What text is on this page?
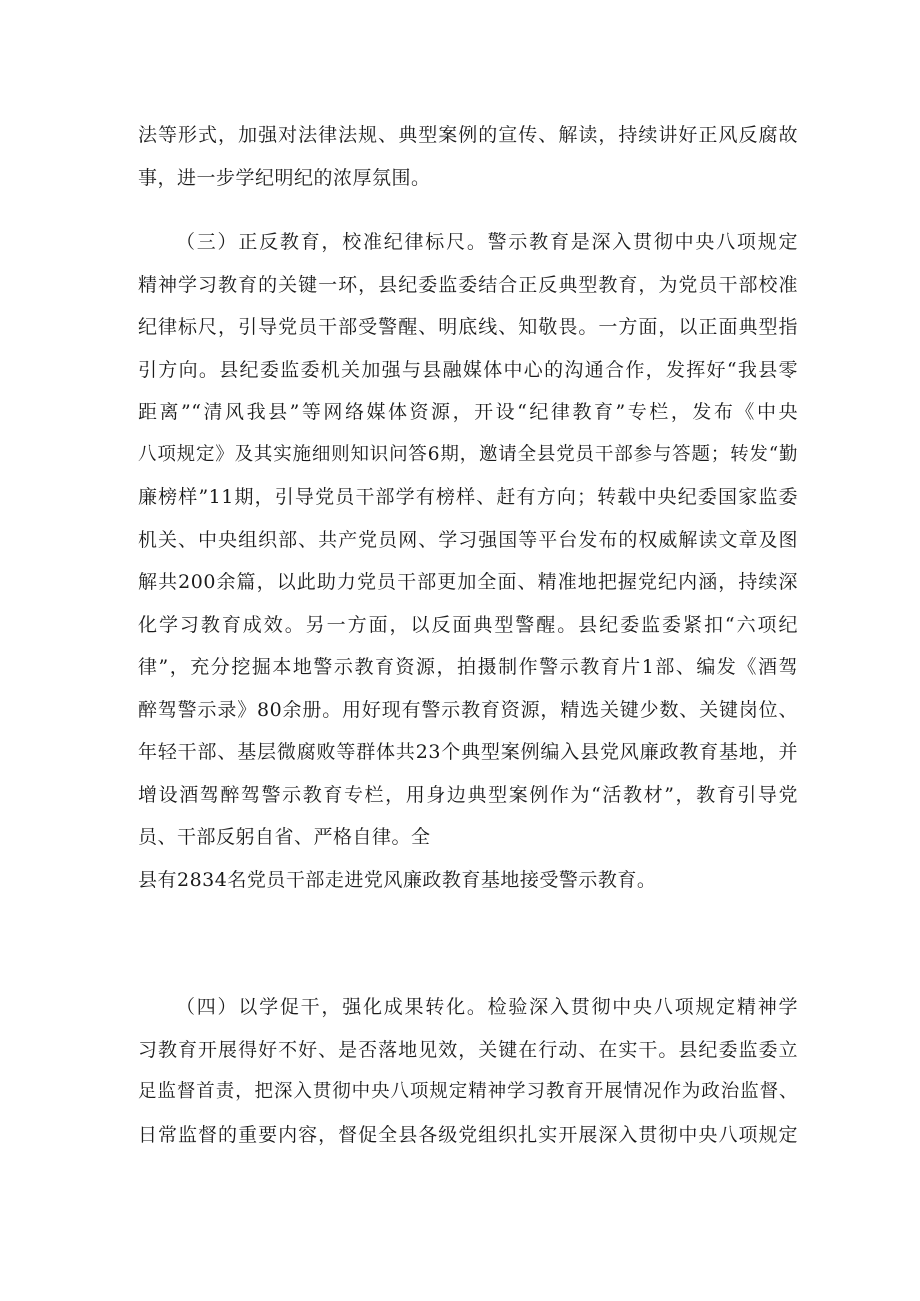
法等形式，加强对法律法规、典型案例的宣传、解读，持续讲好正风反腐故
事，进一步学纪明纪的浓厚氛围。
（三）正反教育，校准纪律标尺。警示教育是深入贯彻中央八项规定
精神学习教育的关键一环，县纪委监委结合正反典型教育，为党员干部校准
纪律标尺，引导党员干部受警醒、明底线、知敬畏。一方面，以正面典型指
引方向。县纪委监委机关加强与县融媒体中心的沟通合作，发挥好“我县零
距离”“清风我县”等网络媒体资源，开设“纪律教育”专栏，发布《中央
八项规定》及其实施细则知识问答6期，邀请全县党员干部参与答题；转发“勤
廉榜样”11期，引导党员干部学有榜样、赶有方向；转载中央纪委国家监委
机关、中央组织部、共产党员网、学习强国等平台发布的权威解读文章及图
解共200余篇，以此助力党员干部更加全面、精准地把握党纪内涵，持续深
化学习教育成效。另一方面，以反面典型警醒。县纪委监委紧扣“六项纪
律”，充分挖掘本地警示教育资源，拍摄制作警示教育片1部、编发《酒驾
醉驾警示录》80余册。用好现有警示教育资源，精选关键少数、关键岗位、
年轻干部、基层微腐败等群体共23个典型案例编入县党风廉政教育基地，并
增设酒驾醉驾警示教育专栏，用身边典型案例作为“活教材”，教育引导党
员、干部反躬自省、严格自律。全
县有2834名党员干部走进党风廉政教育基地接受警示教育。
（四）以学促干，强化成果转化。检验深入贯彻中央八项规定精神学
习教育开展得好不好、是否落地见效，关键在行动、在实干。县纪委监委立
足监督首责，把深入贯彻中央八项规定精神学习教育开展情况作为政治监督、
日常监督的重要内容，督促全县各级党组织扎实开展深入贯彻中央八项规定
